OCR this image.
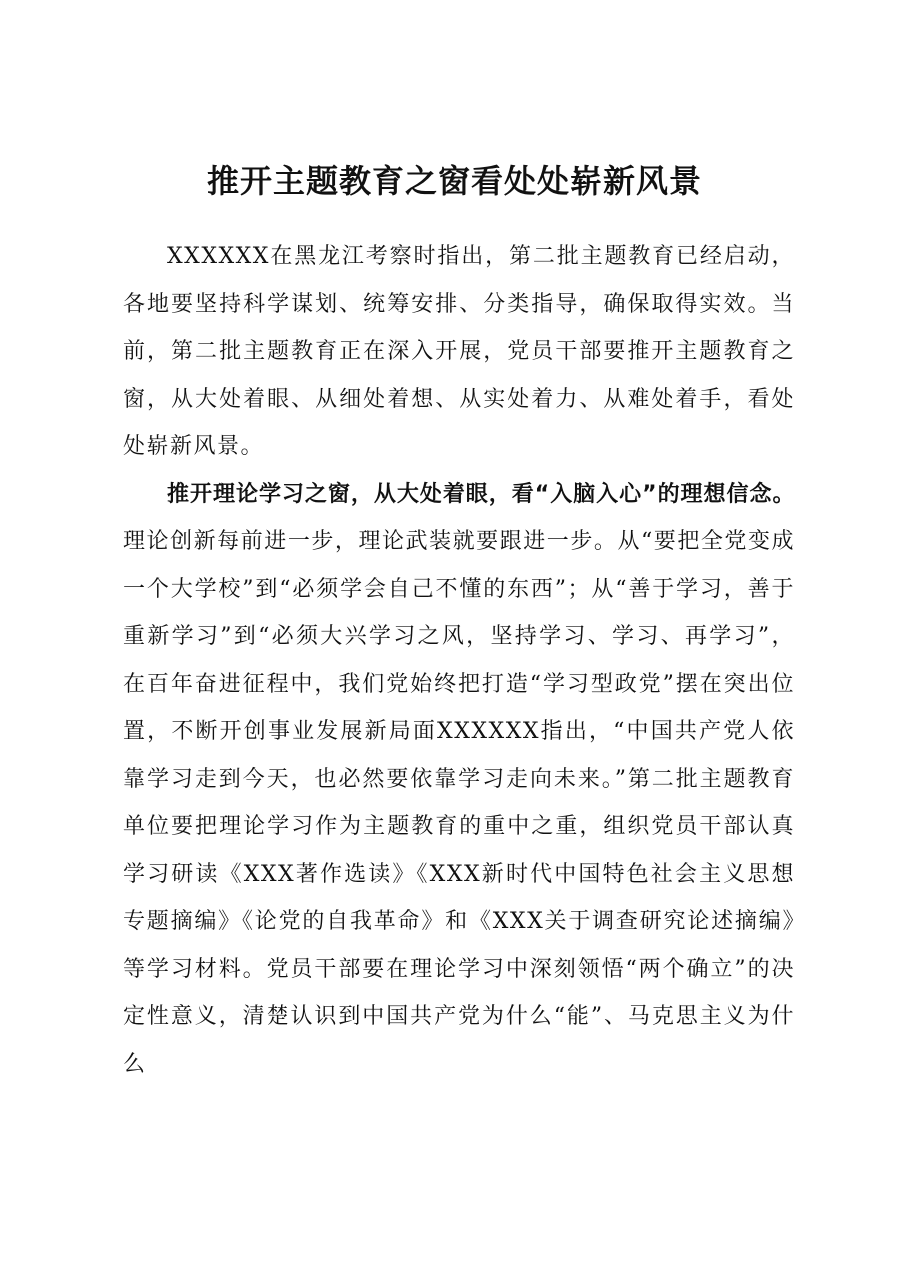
推开主题教育之窗看处处崭新风景

XXXXXX在黑龙江考察时指出，第二批主题教育已经启动，各地要坚持科学谋划、统筹安排、分类指导，确保取得实效。当前，第二批主题教育正在深入开展，党员干部要推开主题教育之窗，从大处着眼、从细处着想、从实处着力、从难处着手，看处处崭新风景。

推开理论学习之窗，从大处着眼，看“入脑入心”的理想信念。理论创新每前进一步，理论武装就要跟进一步。从“要把全党变成一个大学校”到“必须学会自己不懂的东西”；从“善于学习，善于重新学习”到“必须大兴学习之风，坚持学习、学习、再学习”，在百年奋进征程中，我们党始终把打造“学习型政党”摆在突出位置，不断开创事业发展新局面XXXXXX指出，“中国共产党人依靠学习走到今天，也必然要依靠学习走向未来。”第二批主题教育单位要把理论学习作为主题教育的重中之重，组织党员干部认真学习研读《XXX著作选读》《XXX新时代中国特色社会主义思想专题摘编》《论党的自我革命》和《XXX关于调查研究论述摘编》等学习材料。党员干部要在理论学习中深刻领悟“两个确立”的决定性意义，清楚认识到中国共产党为什么“能”、马克思主义为什么
